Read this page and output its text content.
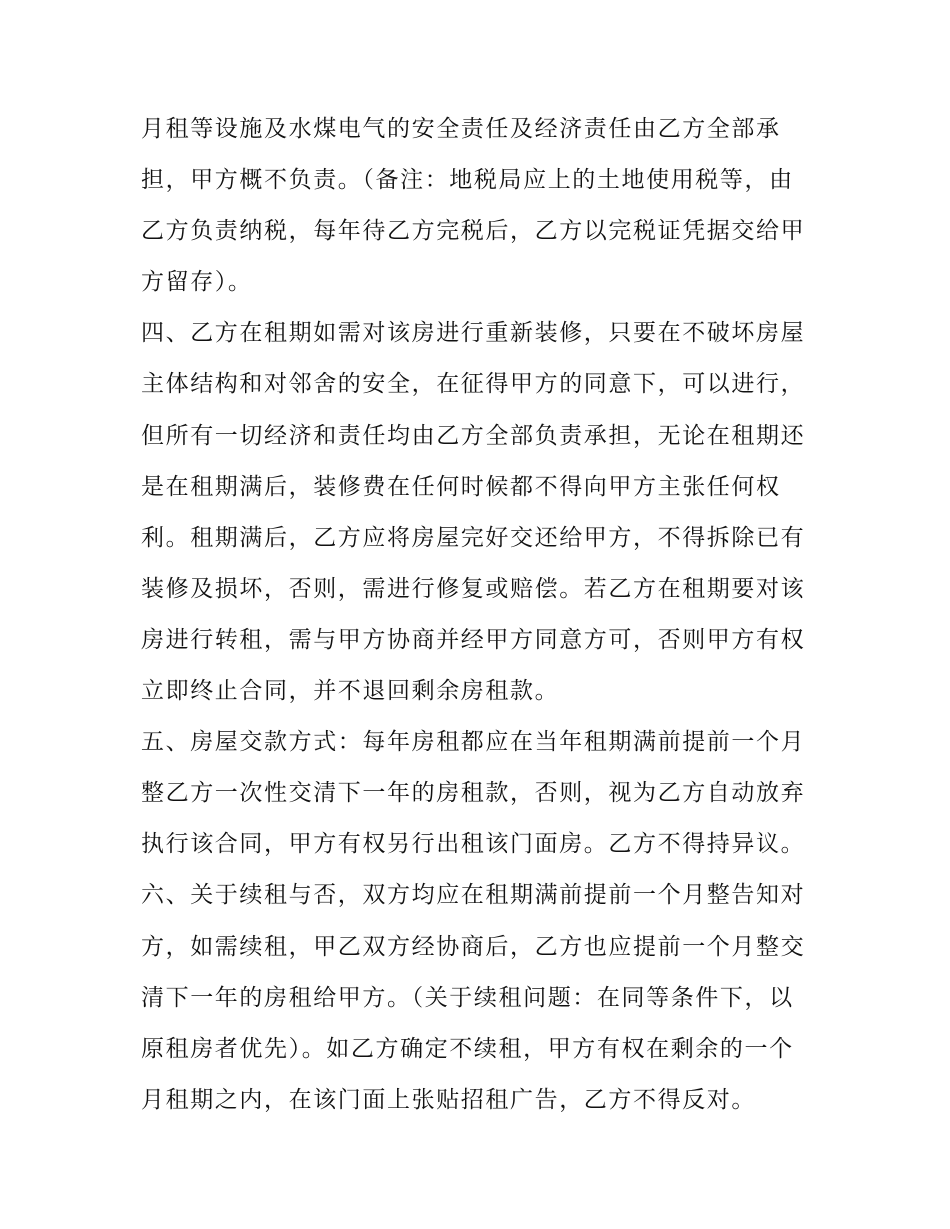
月租等设施及水煤电气的安全责任及经济责任由乙方全部承
担，甲方概不负责。（备注：地税局应上的土地使用税等，由
乙方负责纳税，每年待乙方完税后，乙方以完税证凭据交给甲
方留存）。
四、乙方在租期如需对该房进行重新装修，只要在不破坏房屋
主体结构和对邻舍的安全，在征得甲方的同意下，可以进行，
但所有一切经济和责任均由乙方全部负责承担，无论在租期还
是在租期满后，装修费在任何时候都不得向甲方主张任何权
利。租期满后，乙方应将房屋完好交还给甲方，不得拆除已有
装修及损坏，否则，需进行修复或赔偿。若乙方在租期要对该
房进行转租，需与甲方协商并经甲方同意方可，否则甲方有权
立即终止合同，并不退回剩余房租款。
五、房屋交款方式：每年房租都应在当年租期满前提前一个月
整乙方一次性交清下一年的房租款，否则，视为乙方自动放弃
执行该合同，甲方有权另行出租该门面房。乙方不得持异议。
六、关于续租与否，双方均应在租期满前提前一个月整告知对
方，如需续租，甲乙双方经协商后，乙方也应提前一个月整交
清下一年的房租给甲方。（关于续租问题：在同等条件下，以
原租房者优先）。如乙方确定不续租，甲方有权在剩余的一个
月租期之内，在该门面上张贴招租广告，乙方不得反对。
